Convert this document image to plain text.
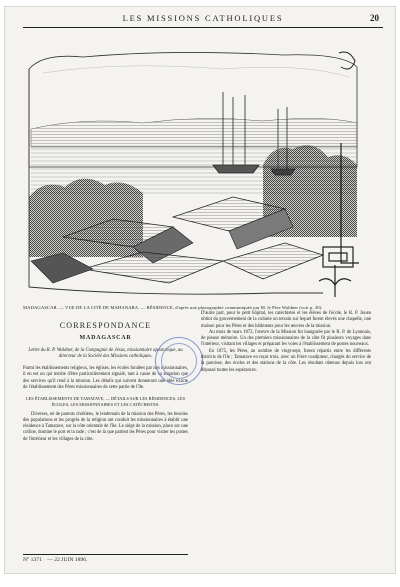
LES MISSIONS CATHOLIQUES	20
MADAGASCAR. — VUE DE LA CITÉ DE MAHANARA. — RÉSIDENCE, d'après une photographie communiquée par M. le Père Waldner (voir p. 20).
CORRESPONDANCE
MADAGASCAR
Lettre du R. P. Waldner, de la Compagnie de Jésus, missionnaire apostolique, au directeur de la Société des Missions catholiques.

Parmi les établissements religieux, les églises, les écoles fondées par nos missionnaires, il en est un qui mérite d'être particulièrement signalé, tant à cause de sa situation que des services qu'il rend à la mission. Les détails qui suivent donneront une idée exacte de l'établissement des Pères missionnaires de cette partie de l'île.

LES ÉTABLISSEMENTS DE TAMATAVE, — DÉTAILS SUR LES RÉSIDENCES, LES ÉCOLES, LES MISSIONNAIRES ET LES CATÉCHISTES.

Diverses, né de parents chrétiens, le lendemain de la mission des Pères, les besoins des populations et les progrès de la religion ont conduit les missionnaires à établir une résidence à Tamatave, sur la côte orientale de l'île. Le siège de la mission, place sur une colline, domine le port et la rade ; c'est de là que partent les Pères pour visiter les postes de l'intérieur et les villages de la côte.

N° 1371 — 22 JUIN 1896.

D'autre part, pour le petit hôpital, les catéchistes et les élèves de l'école, le R. P. Jouen obtint du gouvernement de la colonie un terrain sur lequel furent élevés une chapelle, une maison pour les Pères et des bâtiments pour les œuvres de la mission.

Au mois de mars 1872, l'œuvre de la Mission fut inaugurée par le R. P. de Lyonnais, de pieuse mémoire. Un des premiers missionnaires de la côte fit plusieurs voyages dans l'intérieur, visitant les villages et préparant les voies à l'établissement de postes nouveaux.

En 1875, les Pères, au nombre de vingt-sept, furent répartis entre les différents districts de l'île ; Tamatave en reçut trois, avec un Frère coadjuteur, chargés du service de la paroisse, des écoles et des stations de la côte. Les résultats obtenus depuis lors ont dépassé toutes les espérances.
